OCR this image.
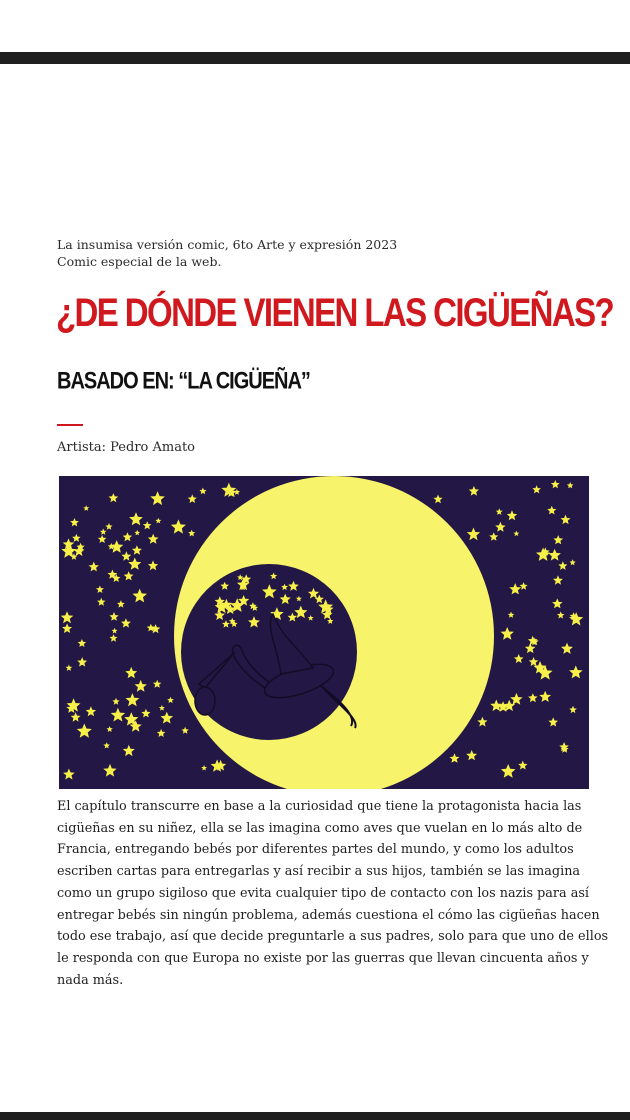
La insumisa versión comic, 6to Arte y expresión 2023
Comic especial de la web.
¿DE DÓNDE VIENEN LAS CIGÜEÑAS?
BASADO EN: “LA CIGÜEÑA”
Artista: Pedro Amato

El capítulo transcurre en base a la curiosidad que tiene la protagonista hacia las cigüeñas en su niñez, ella se las imagina como aves que vuelan en lo más alto de Francia, entregando bebés por diferentes partes del mundo, y como los adultos escriben cartas para entregarlas y así recibir a sus hijos, también se las imagina como un grupo sigiloso que evita cualquier tipo de contacto con los nazis para así entregar bebés sin ningún problema, además cuestiona el cómo las cigüeñas hacen todo ese trabajo, así que decide preguntarle a sus padres, solo para que uno de ellos le responda con que Europa no existe por las guerras que llevan cincuenta años y nada más.
